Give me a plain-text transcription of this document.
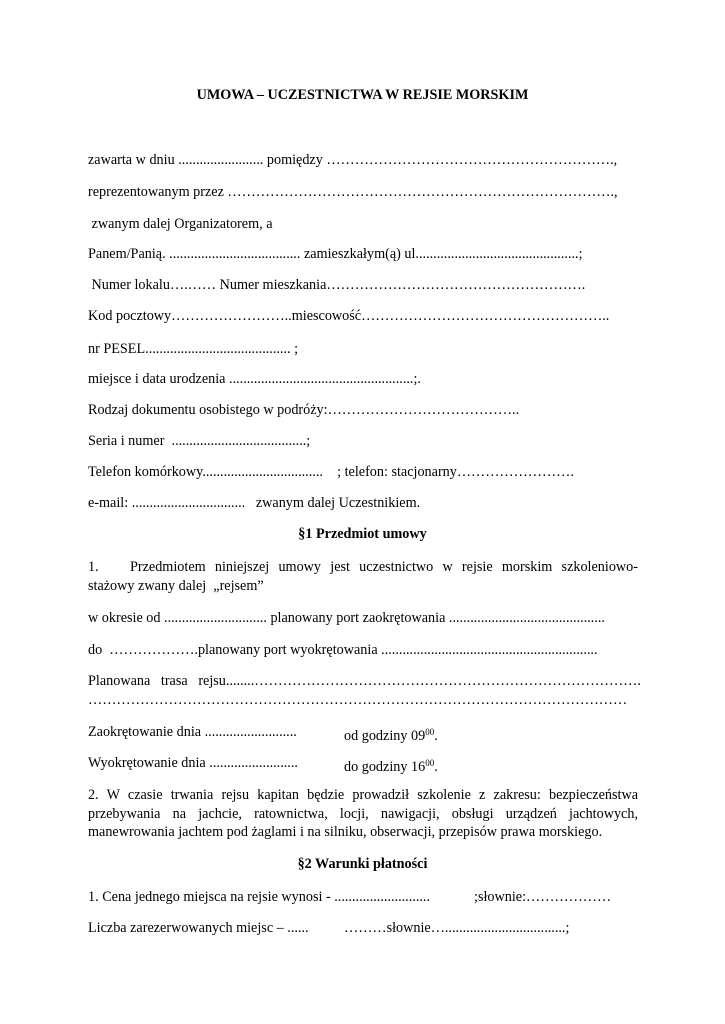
UMOWA – UCZESTNICTWA W REJSIE MORSKIM
zawarta w dniu ........................ pomiędzy …………………………………………………….,
reprezentowanym przez ……………………………………………………………………….,
zwanym dalej Organizatorem, a
Panem/Panią. ..................................... zamieszkałym(ą) ul..............................................;
Numer lokalu….…… Numer mieszkania……………………………………………….
Kod pocztowy……………………..miescowość……………………………………………..
nr PESEL......................................... ;
miejsce i data urodzenia ....................................................;.
Rodzaj dokumentu osobistego w podróży:…………………………………..
Seria i numer  ......................................;
Telefon komórkowy..................................    ; telefon: stacjonarny…………………….
e-mail: ................................   zwanym dalej Uczestnikiem.
§1 Przedmiot umowy
1. Przedmiotem niniejszej umowy jest uczestnictwo w rejsie morskim szkoleniowo-
stażowy zwany dalej  „rejsem”
w okresie od ............................. planowany port zaokrętowania ............................................
do  ……………….planowany port wyokrętowania .............................................................
Planowana   trasa   rejsu........……………………………………………………………………….
……………………………………………………………………………………………………
Zaokrętowanie dnia ..........................	od godziny $09^{00}$.
Wyokrętowanie dnia .........................	do godziny $16^{00}$.
2. W czasie trwania rejsu kapitan będzie prowadził szkolenie z zakresu: bezpieczeństwa przebywania na jachcie, ratownictwa, locji, nawigacji, obsługi urządzeń jachtowych, manewrowania jachtem pod żaglami i na silniku, obserwacji, przepisów prawa morskiego.
§2 Warunki płatności
1. Cena jednego miejsca na rejsie wynosi - ...........................	;słownie:………………
Liczba zarezerwowanych miejsc – ...... ………słownie…..................................;
